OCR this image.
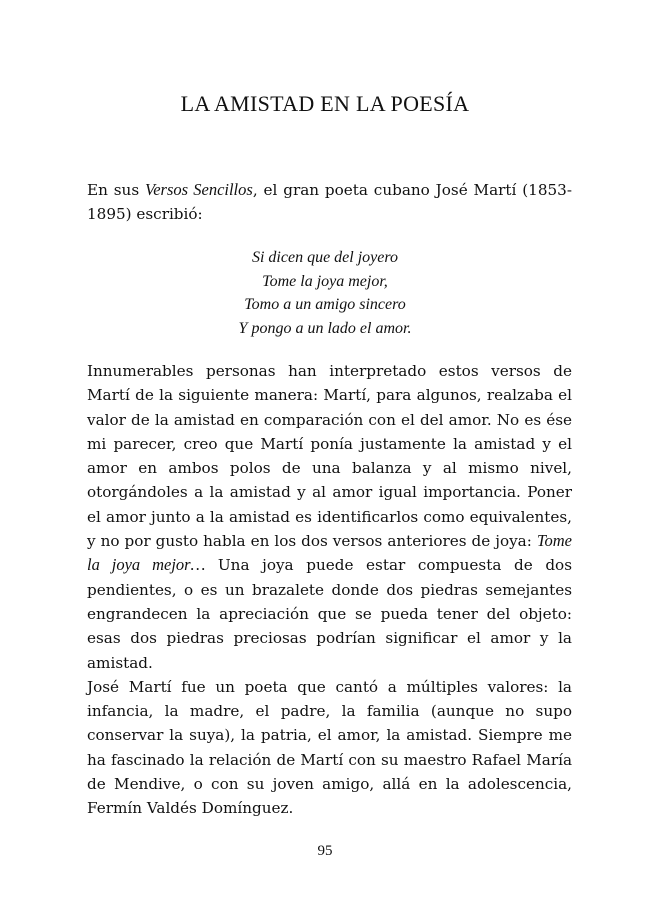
LA AMISTAD EN LA POESÍA

En sus Versos Sencillos, el gran poeta cubano José Martí (1853-1895) escribió:

Si dicen que del joyero
Tome la joya mejor,
Tomo a un amigo sincero
Y pongo a un lado el amor.

Innumerables personas han interpretado estos versos de Martí de la siguiente manera: Martí, para algunos, realzaba el valor de la amistad en comparación con el del amor. No es ése mi parecer, creo que Martí ponía justamente la amistad y el amor en ambos polos de una balanza y al mismo nivel, otorgándoles a la amistad y al amor igual importancia. Poner el amor junto a la amistad es identificarlos como equivalentes, y no por gusto habla en los dos versos anteriores de joya: Tome la joya mejor… Una joya puede estar compuesta de dos pendientes, o es un brazalete donde dos piedras semejantes engrandecen la apreciación que se pueda tener del objeto: esas dos piedras preciosas podrían significar el amor y la amistad.

José Martí fue un poeta que cantó a múltiples valores: la infancia, la madre, el padre, la familia (aunque no supo conservar la suya), la patria, el amor, la amistad. Siempre me ha fascinado la relación de Martí con su maestro Rafael María de Mendive, o con su joven amigo, allá en la adolescencia, Fermín Valdés Domínguez.

95
